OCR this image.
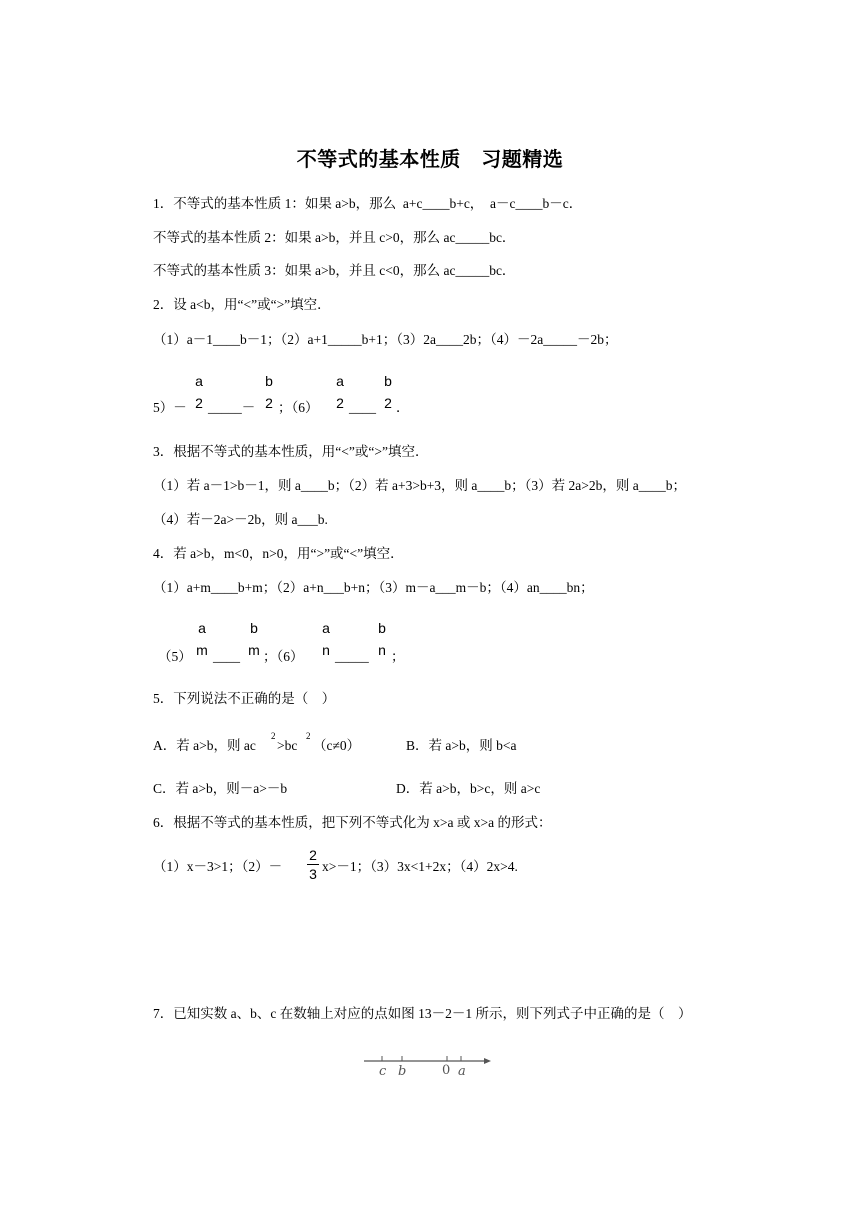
不等式的基本性质　习题精选
1．不等式的基本性质 1：如果 a>b，那么  a+c____b+c，  a－c____b－c．
不等式的基本性质 2：如果 a>b，并且 c>0，那么 ac_____bc．
不等式的基本性质 3：如果 a>b，并且 c<0，那么 ac_____bc．
2．设 a<b，用“<”或“>”填空．
（1）a－1____b－1；（2）a+1_____b+1；（3）2a____2b；（4）－2a_____－2b；
5）－
a
2 _____－
b
2 ；（6）
a
2 ____
b
2 ．
3．根据不等式的基本性质，用“<”或“>”填空．
（1）若 a－1>b－1，则 a____b；（2）若 a+3>b+3，则 a____b；（3）若 2a>2b，则 a____b；
（4）若－2a>－2b，则 a___b.
4．若 a>b，m<0，n>0，用“>”或“<”填空．
（1）a+m____b+m；（2）a+n___b+n；（3）m－a___m－b；（4）an____bn；
（5）
a
m ____
b
m ；（6）
a
n _____
b
n ；
5．下列说法不正确的是（    ）
A．若 a>b，则 ac
2
>bc
2
（c≠0）	B．若 a>b，则 b<a
C．若 a>b，则－a>－b	D．若 a>b，b>c，则 a>c
6．根据不等式的基本性质，把下列不等式化为 x>a 或 x>a 的形式：
（1）x－3>1；（2）－
2
3 x>－1；（3）3x<1+2x；（4）2x>4.
7．已知实数 a、b、c 在数轴上对应的点如图 13－2－1 所示，则下列式子中正确的是（    ）
c b	0 a
